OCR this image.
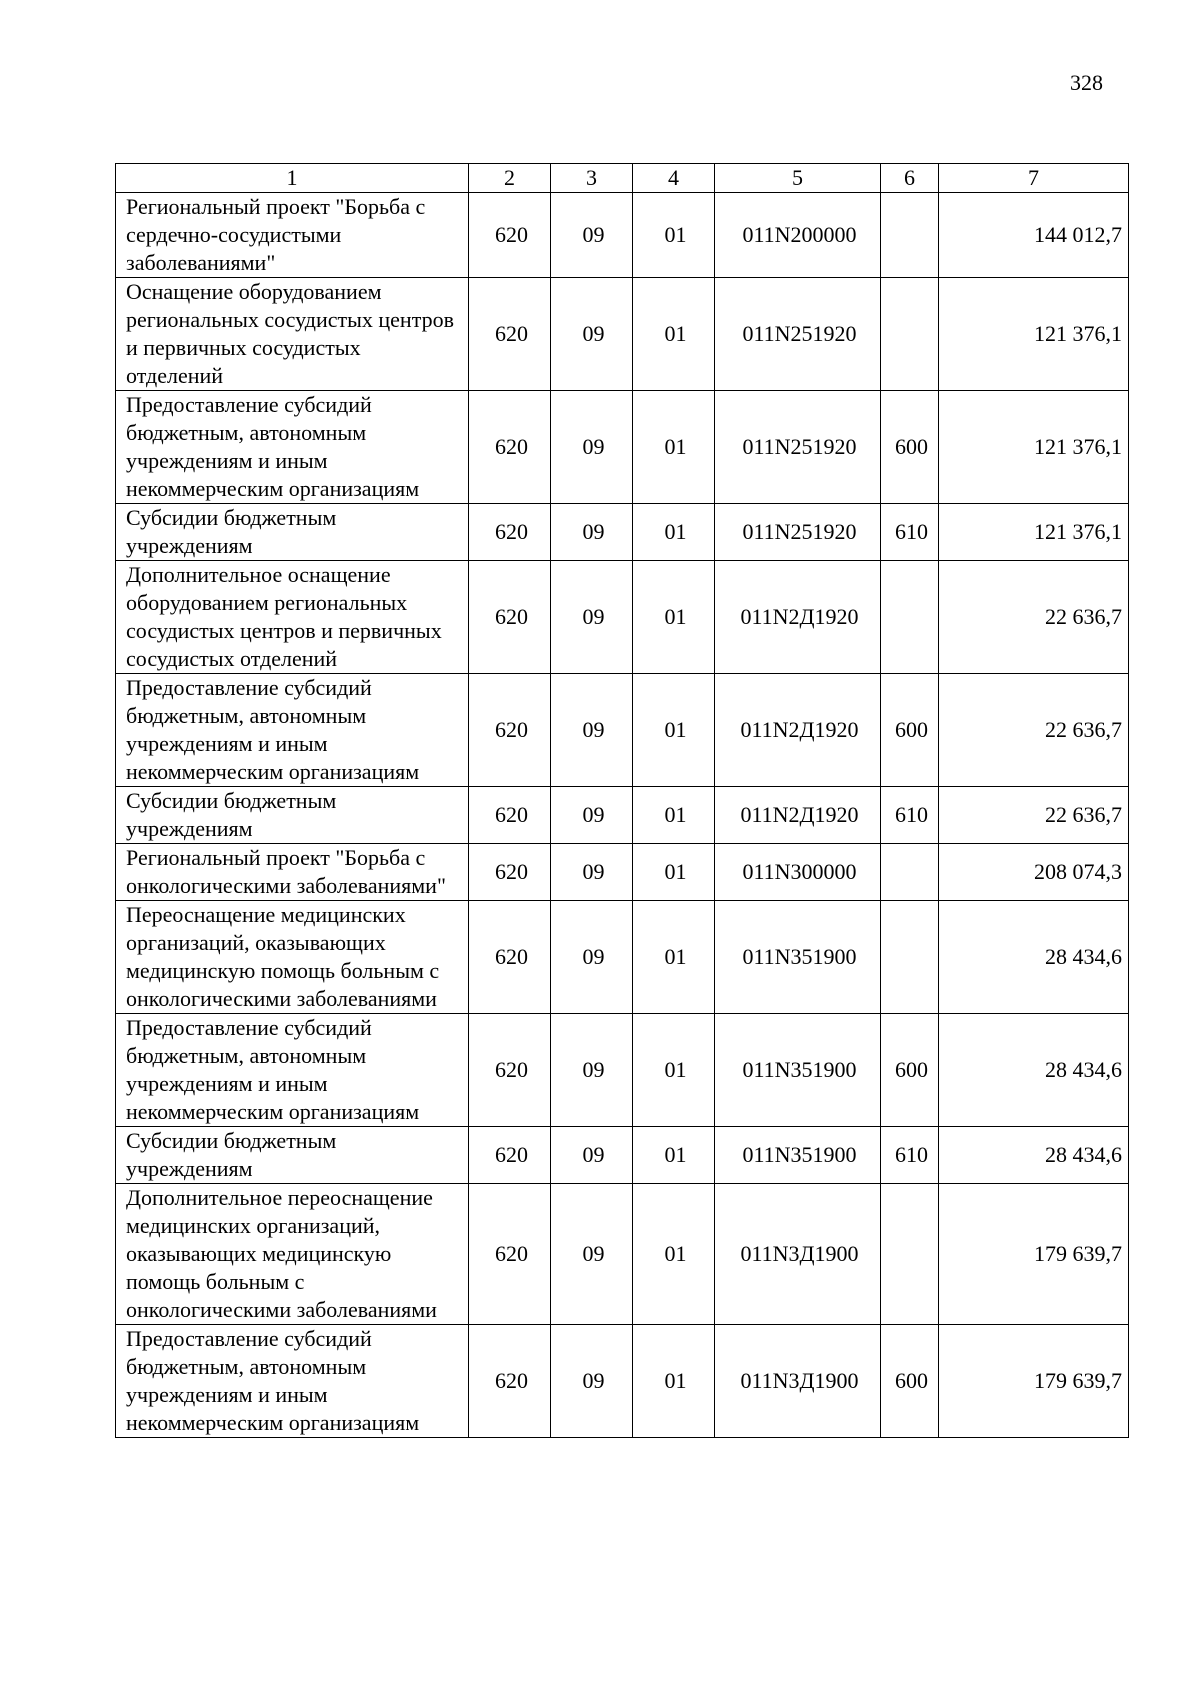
328
1	2	3	4	5	6	7
Региональный проект "Борьба с сердечно-сосудистыми заболеваниями"	620	09	01	011N200000		144 012,7
Оснащение оборудованием региональных сосудистых центров и первичных сосудистых отделений	620	09	01	011N251920		121 376,1
Предоставление субсидий бюджетным, автономным учреждениям и иным некоммерческим организациям	620	09	01	011N251920	600	121 376,1
Субсидии бюджетным учреждениям	620	09	01	011N251920	610	121 376,1
Дополнительное оснащение оборудованием региональных сосудистых центров и первичных сосудистых отделений	620	09	01	011N2Д1920		22 636,7
Предоставление субсидий бюджетным, автономным учреждениям и иным некоммерческим организациям	620	09	01	011N2Д1920	600	22 636,7
Субсидии бюджетным учреждениям	620	09	01	011N2Д1920	610	22 636,7
Региональный проект "Борьба с онкологическими заболеваниями"	620	09	01	011N300000		208 074,3
Переоснащение медицинских организаций, оказывающих медицинскую помощь больным с онкологическими заболеваниями	620	09	01	011N351900		28 434,6
Предоставление субсидий бюджетным, автономным учреждениям и иным некоммерческим организациям	620	09	01	011N351900	600	28 434,6
Субсидии бюджетным учреждениям	620	09	01	011N351900	610	28 434,6
Дополнительное переоснащение медицинских организаций, оказывающих медицинскую помощь больным с онкологическими заболеваниями	620	09	01	011N3Д1900		179 639,7
Предоставление субсидий бюджетным, автономным учреждениям и иным некоммерческим организациям	620	09	01	011N3Д1900	600	179 639,7
